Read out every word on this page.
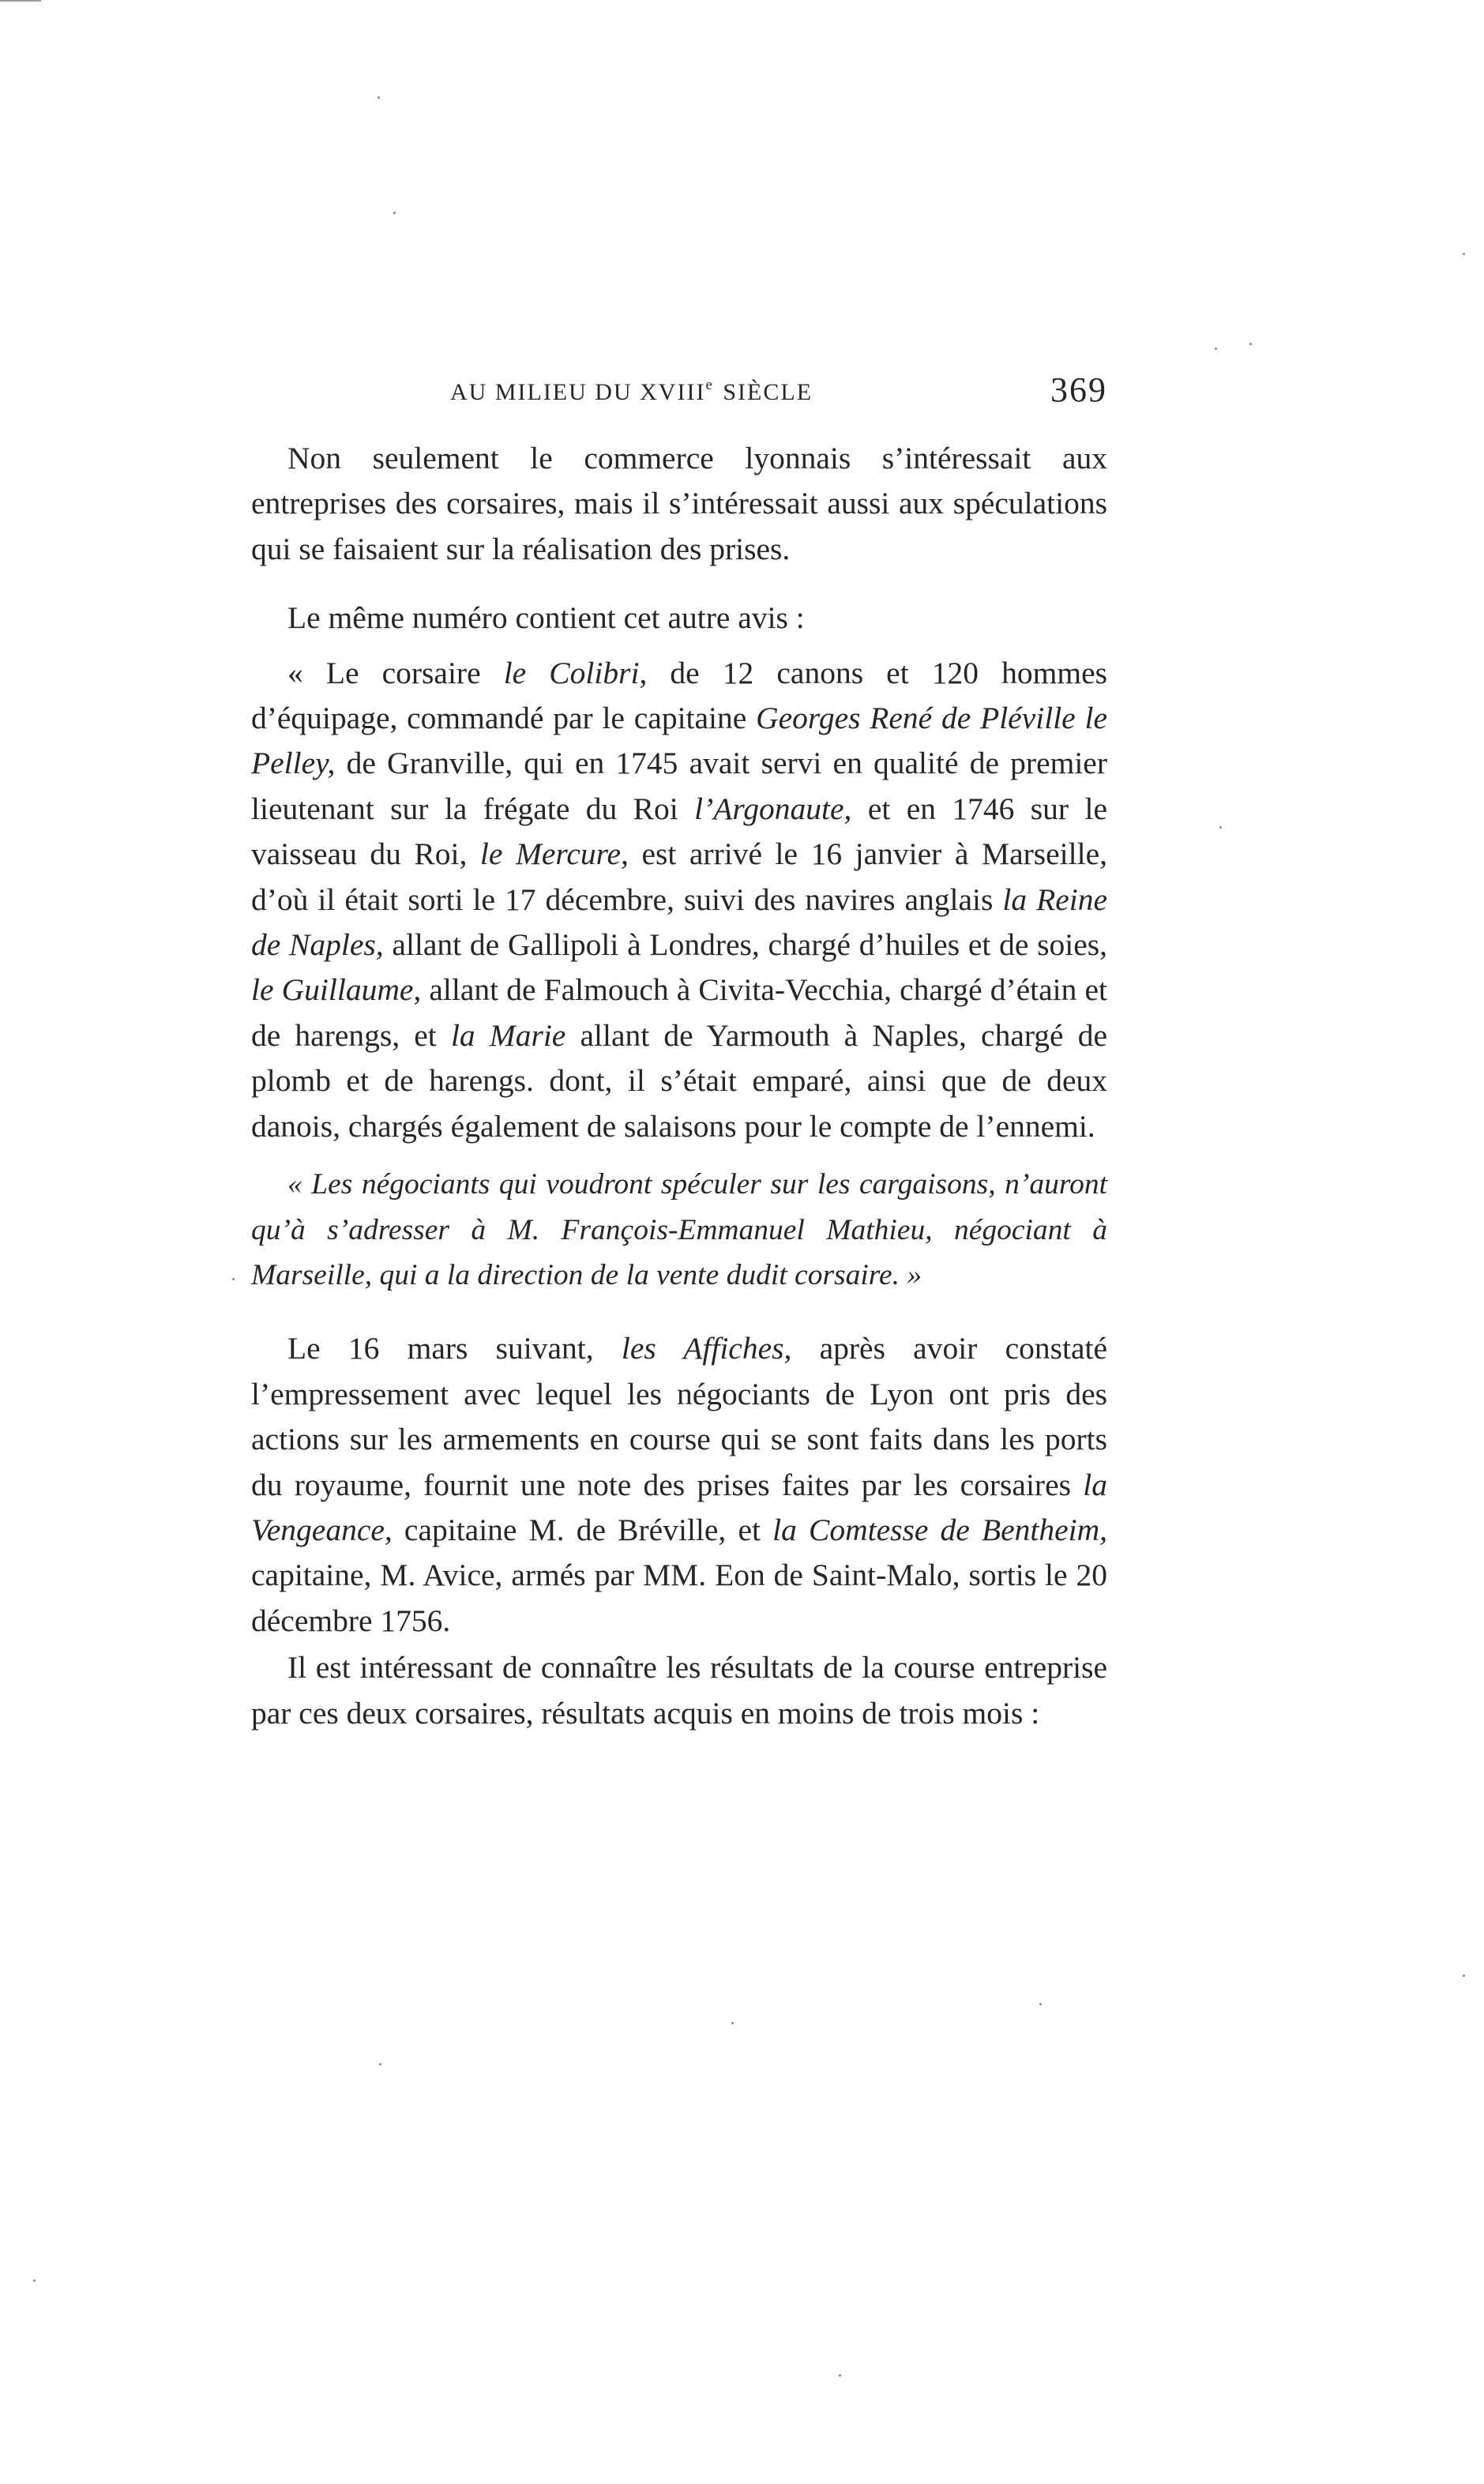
AU MILIEU DU XVIIIe SIÈCLE	369

Non seulement le commerce lyonnais s’intéressait aux entreprises des corsaires, mais il s’intéressait aussi aux spéculations qui se faisaient sur la réalisation des prises.

Le même numéro contient cet autre avis :

« Le corsaire le Colibri, de 12 canons et 120 hommes d’équipage, commandé par le capitaine Georges René de Pléville le Pelley, de Granville, qui en 1745 avait servi en qualité de premier lieutenant sur la frégate du Roi l’Argonaute, et en 1746 sur le vaisseau du Roi, le Mercure, est arrivé le 16 janvier à Marseille, d’où il était sorti le 17 décembre, suivi des navires anglais la Reine de Naples, allant de Gallipoli à Londres, chargé d’huiles et de soies, le Guillaume, allant de Falmouch à Civita-Vecchia, chargé d’étain et de harengs, et la Marie allant de Yarmouth à Naples, chargé de plomb et de harengs. dont, il s’était emparé, ainsi que de deux danois, chargés également de salaisons pour le compte de l’ennemi.

« Les négociants qui voudront spéculer sur les cargaisons, n’auront qu’à s’adresser à M. François-Emmanuel Mathieu, négociant à Marseille, qui a la direction de la vente dudit corsaire. »

Le 16 mars suivant, les Affiches, après avoir constaté l’empressement avec lequel les négociants de Lyon ont pris des actions sur les armements en course qui se sont faits dans les ports du royaume, fournit une note des prises faites par les corsaires la Vengeance, capitaine M. de Bréville, et la Comtesse de Bentheim, capitaine, M. Avice, armés par MM. Eon de Saint-Malo, sortis le 20 décembre 1756.

Il est intéressant de connaître les résultats de la course entreprise par ces deux corsaires, résultats acquis en moins de trois mois :
